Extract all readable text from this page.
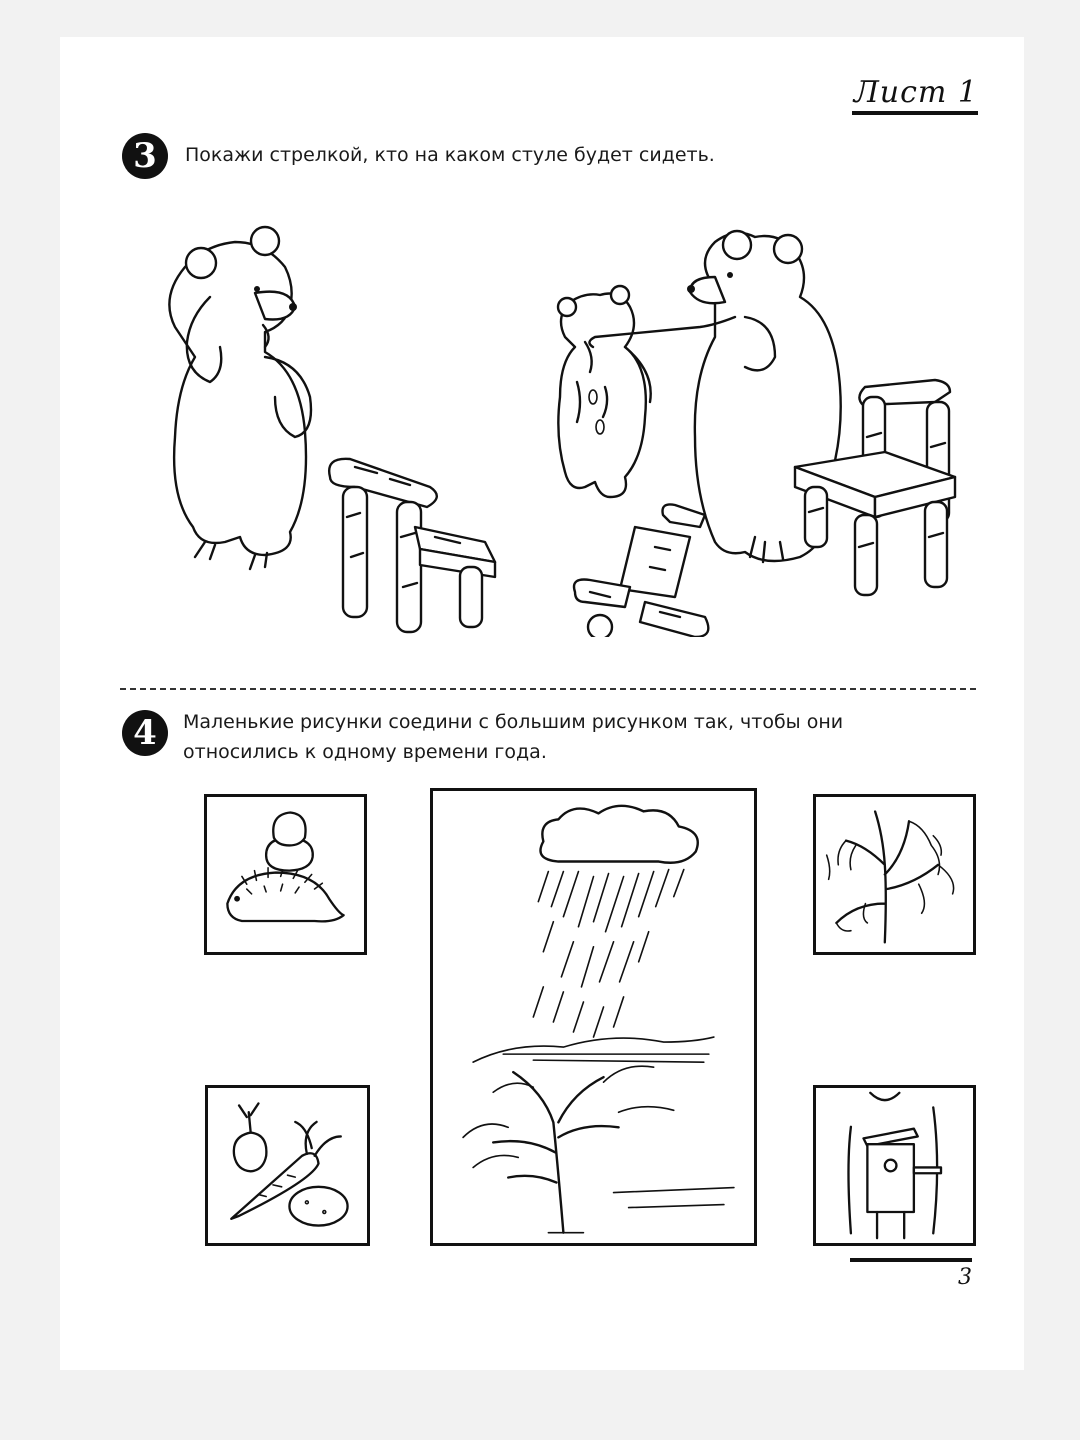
Лист 1
3	Покажи стрелкой, кто на каком стуле будет сидеть.
4	Маленькие рисунки соедини с большим рисунком так, чтобы они
относились к одному времени года.
3
